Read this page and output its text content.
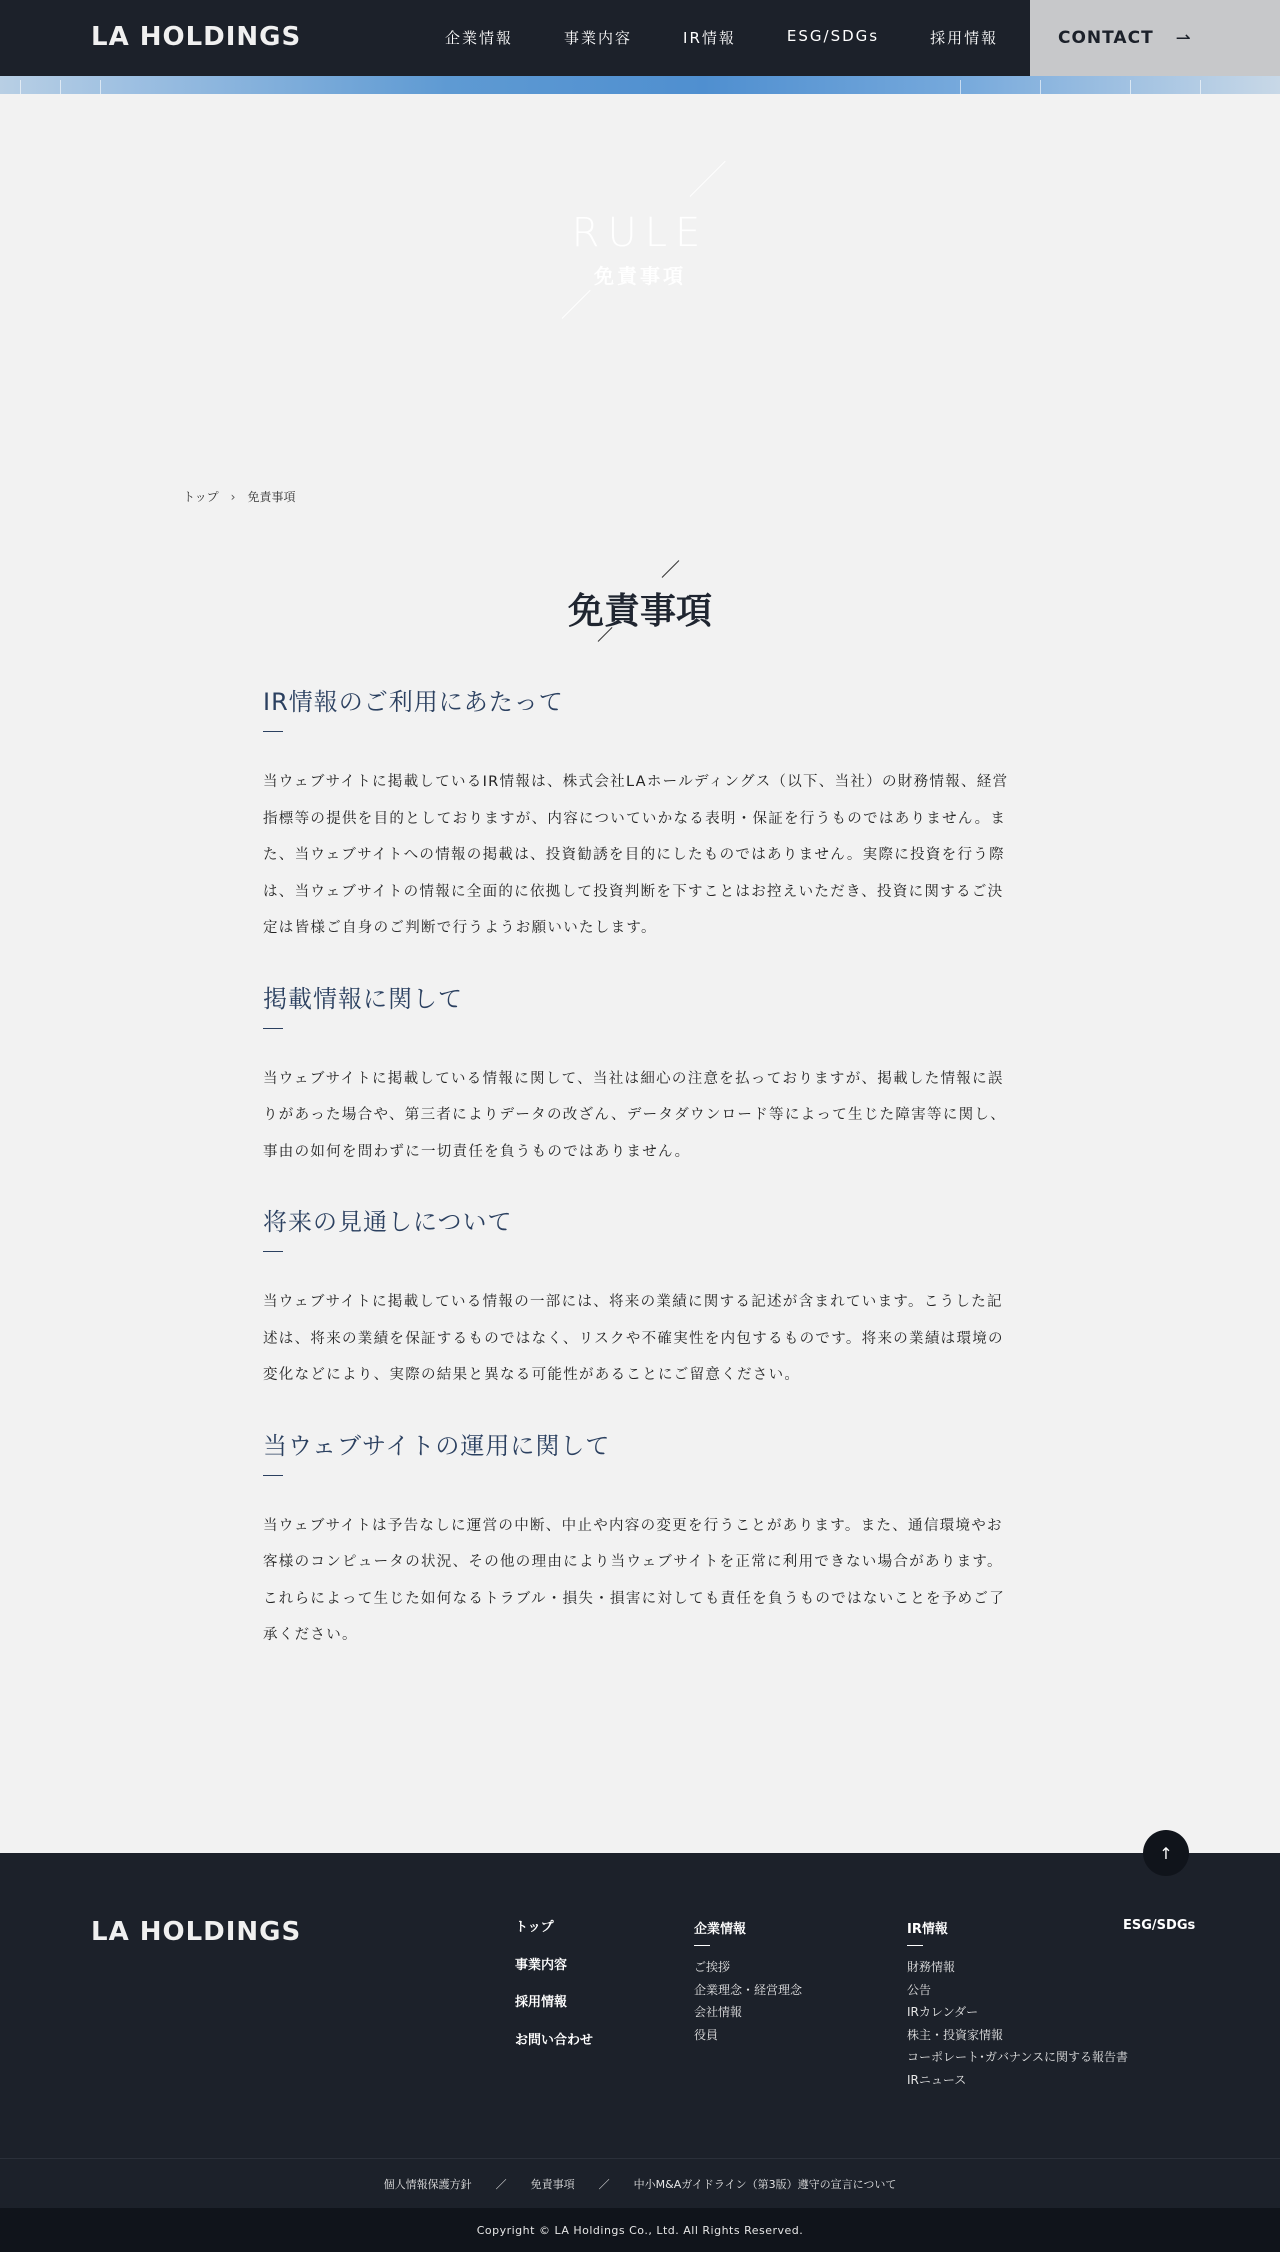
LA HOLDINGS	企業情報	事業内容	IR情報	ESG/SDGs	採用情報	CONTACT ⇀
RULE
免責事項
トップ › 免責事項
免責事項
IR情報のご利用にあたって

当ウェブサイトに掲載しているIR情報は、株式会社LAホールディングス（以下、当社）の財務情報、経営指標等の提供を目的としておりますが、内容についていかなる表明・保証を行うものではありません。また、当ウェブサイトへの情報の掲載は、投資勧誘を目的にしたものではありません。実際に投資を行う際は、当ウェブサイトの情報に全面的に依拠して投資判断を下すことはお控えいただき、投資に関するご決定は皆様ご自身のご判断で行うようお願いいたします。

掲載情報に関して

当ウェブサイトに掲載している情報に関して、当社は細心の注意を払っておりますが、掲載した情報に誤りがあった場合や、第三者によりデータの改ざん、データダウンロード等によって生じた障害等に関し、事由の如何を問わずに一切責任を負うものではありません。

将来の見通しについて

当ウェブサイトに掲載している情報の一部には、将来の業績に関する記述が含まれています。こうした記述は、将来の業績を保証するものではなく、リスクや不確実性を内包するものです。将来の業績は環境の変化などにより、実際の結果と異なる可能性があることにご留意ください。

当ウェブサイトの運用に関して

当ウェブサイトは予告なしに運営の中断、中止や内容の変更を行うことがあります。また、通信環境やお客様のコンピュータの状況、その他の理由により当ウェブサイトを正常に利用できない場合があります。これらによって生じた如何なるトラブル・損失・損害に対しても責任を負うものではないことを予めご了承ください。

LA HOLDINGS	トップ
事業内容
採用情報
お問い合わせ
企業情報
ご挨拶
企業理念・経営理念
会社情報
役員
IR情報
財務情報
公告
IRカレンダー
株主・投資家情報
コーポレート･ガバナンスに関する報告書
IRニュース
ESG/SDGs
↑
個人情報保護方針 ／ 免責事項 ／ 中小M&Aガイドライン（第3版）遵守の宣言について
Copyright © LA Holdings Co., Ltd. All Rights Reserved.
